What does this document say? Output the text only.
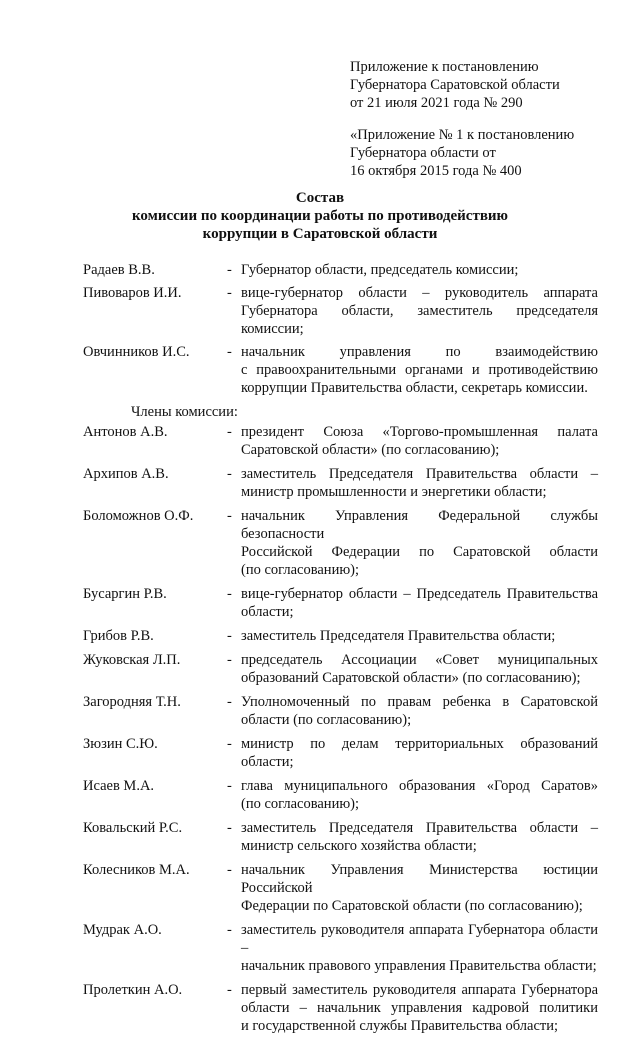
Приложение к постановлению
Губернатора Саратовской области
от 21 июля 2021 года № 290
«Приложение № 1 к постановлению
Губернатора области от
16 октября 2015 года № 400
Состав
комиссии по координации работы по противодействию
коррупции в Саратовской области
Радаев В.В.	- Губернатор области, председатель комиссии;
Пивоваров И.И.	- вице-губернатор области – руководитель аппарата
Губернатора области, заместитель председателя комиссии;
Овчинников И.С.	- начальник управления по взаимодействию
с правоохранительными органами и противодействию
коррупции Правительства области, секретарь комиссии.
Члены комиссии:
Антонов А.В.	- президент Союза «Торгово-промышленная палата
Саратовской области» (по согласованию);
Архипов А.В.	- заместитель Председателя Правительства области –
министр промышленности и энергетики области;
Боломожнов О.Ф.	- начальник Управления Федеральной службы безопасности
Российской Федерации по Саратовской области
(по согласованию);
Бусаргин Р.В.	- вице-губернатор области – Председатель Правительства
области;
Грибов Р.В.	- заместитель Председателя Правительства области;
Жуковская Л.П.	- председатель Ассоциации «Совет муниципальных
образований Саратовской области» (по согласованию);
Загородняя Т.Н.	- Уполномоченный по правам ребенка в Саратовской
области (по согласованию);
Зюзин С.Ю.	- министр по делам территориальных образований
области;
Исаев М.А.	- глава муниципального образования «Город Саратов»
(по согласованию);
Ковальский Р.С.	- заместитель Председателя Правительства области –
министр сельского хозяйства области;
Колесников М.А.	- начальник Управления Министерства юстиции Российской
Федерации по Саратовской области (по согласованию);
Мудрак А.О.	- заместитель руководителя аппарата Губернатора области –
начальник правового управления Правительства области;
Пролеткин А.О.	- первый заместитель руководителя аппарата Губернатора
области – начальник управления кадровой политики
и государственной службы Правительства области;
